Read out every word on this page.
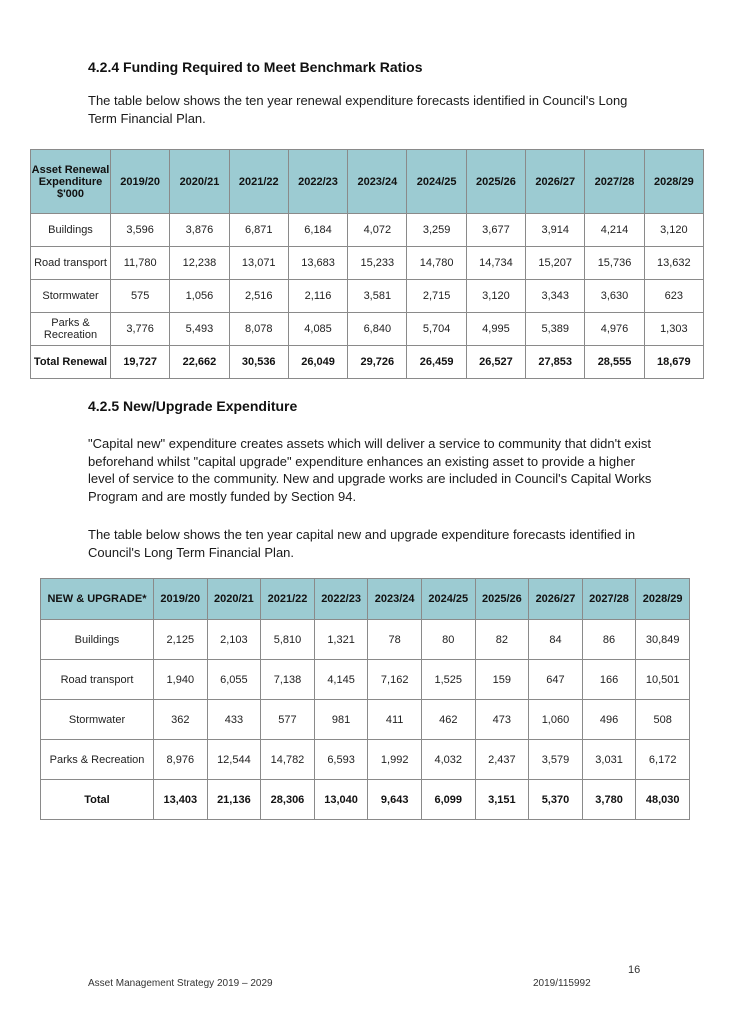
4.2.4 Funding Required to Meet Benchmark Ratios

The table below shows the ten year renewal expenditure forecasts identified in Council's Long Term Financial Plan.

Asset Renewal Expenditure $'000	2019/20	2020/21	2021/22	2022/23	2023/24	2024/25	2025/26	2026/27	2027/28	2028/29
Buildings	3,596	3,876	6,871	6,184	4,072	3,259	3,677	3,914	4,214	3,120
Road transport	11,780	12,238	13,071	13,683	15,233	14,780	14,734	15,207	15,736	13,632
Stormwater	575	1,056	2,516	2,116	3,581	2,715	3,120	3,343	3,630	623
Parks & Recreation	3,776	5,493	8,078	4,085	6,840	5,704	4,995	5,389	4,976	1,303
Total Renewal	19,727	22,662	30,536	26,049	29,726	26,459	26,527	27,853	28,555	18,679
4.2.5 New/Upgrade Expenditure

"Capital new" expenditure creates assets which will deliver a service to community that didn't exist beforehand whilst "capital upgrade" expenditure enhances an existing asset to provide a higher level of service to the community. New and upgrade works are included in Council's Capital Works Program and are mostly funded by Section 94.

The table below shows the ten year capital new and upgrade expenditure forecasts identified in Council's Long Term Financial Plan.

NEW & UPGRADE*	2019/20	2020/21	2021/22	2022/23	2023/24	2024/25	2025/26	2026/27	2027/28	2028/29
Buildings	2,125	2,103	5,810	1,321	78	80	82	84	86	30,849
Road transport	1,940	6,055	7,138	4,145	7,162	1,525	159	647	166	10,501
Stormwater	362	433	577	981	411	462	473	1,060	496	508
Parks & Recreation	8,976	12,544	14,782	6,593	1,992	4,032	2,437	3,579	3,031	6,172
Total	13,403	21,136	28,306	13,040	9,643	6,099	3,151	5,370	3,780	48,030
16
Asset Management Strategy 2019 – 2029	2019/115992
